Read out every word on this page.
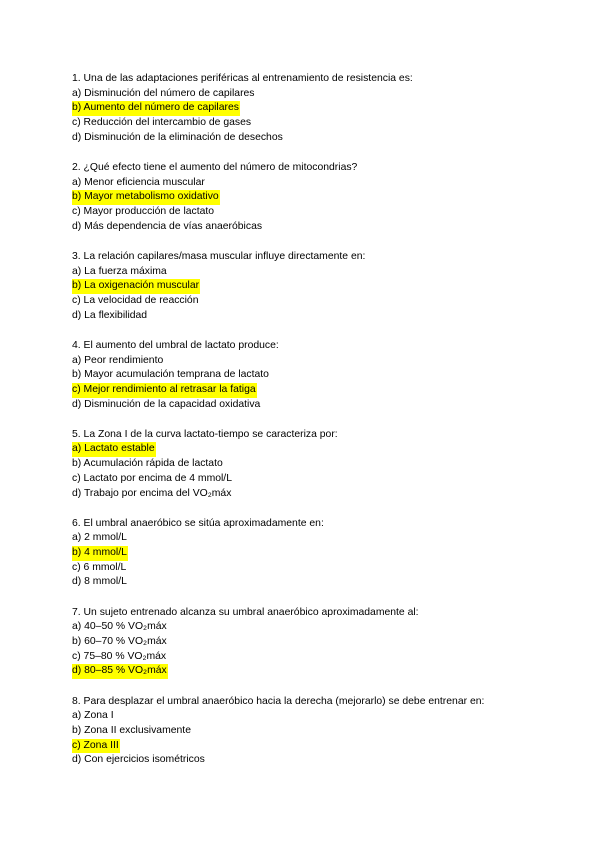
1. Una de las adaptaciones periféricas al entrenamiento de resistencia es:
a) Disminución del número de capilares
b) Aumento del número de capilares
c) Reducción del intercambio de gases
d) Disminución de la eliminación de desechos
2. ¿Qué efecto tiene el aumento del número de mitocondrias?
a) Menor eficiencia muscular
b) Mayor metabolismo oxidativo
c) Mayor producción de lactato
d) Más dependencia de vías anaeróbicas
3. La relación capilares/masa muscular influye directamente en:
a) La fuerza máxima
b) La oxigenación muscular
c) La velocidad de reacción
d) La flexibilidad
4. El aumento del umbral de lactato produce:
a) Peor rendimiento
b) Mayor acumulación temprana de lactato
c) Mejor rendimiento al retrasar la fatiga
d) Disminución de la capacidad oxidativa
5. La Zona I de la curva lactato-tiempo se caracteriza por:
a) Lactato estable
b) Acumulación rápida de lactato
c) Lactato por encima de 4 mmol/L
d) Trabajo por encima del VO₂máx
6. El umbral anaeróbico se sitúa aproximadamente en:
a) 2 mmol/L
b) 4 mmol/L
c) 6 mmol/L
d) 8 mmol/L
7. Un sujeto entrenado alcanza su umbral anaeróbico aproximadamente al:
a) 40–50 % VO₂máx
b) 60–70 % VO₂máx
c) 75–80 % VO₂máx
d) 80–85 % VO₂máx
8. Para desplazar el umbral anaeróbico hacia la derecha (mejorarlo) se debe entrenar en:
a) Zona I
b) Zona II exclusivamente
c) Zona III
d) Con ejercicios isométricos
